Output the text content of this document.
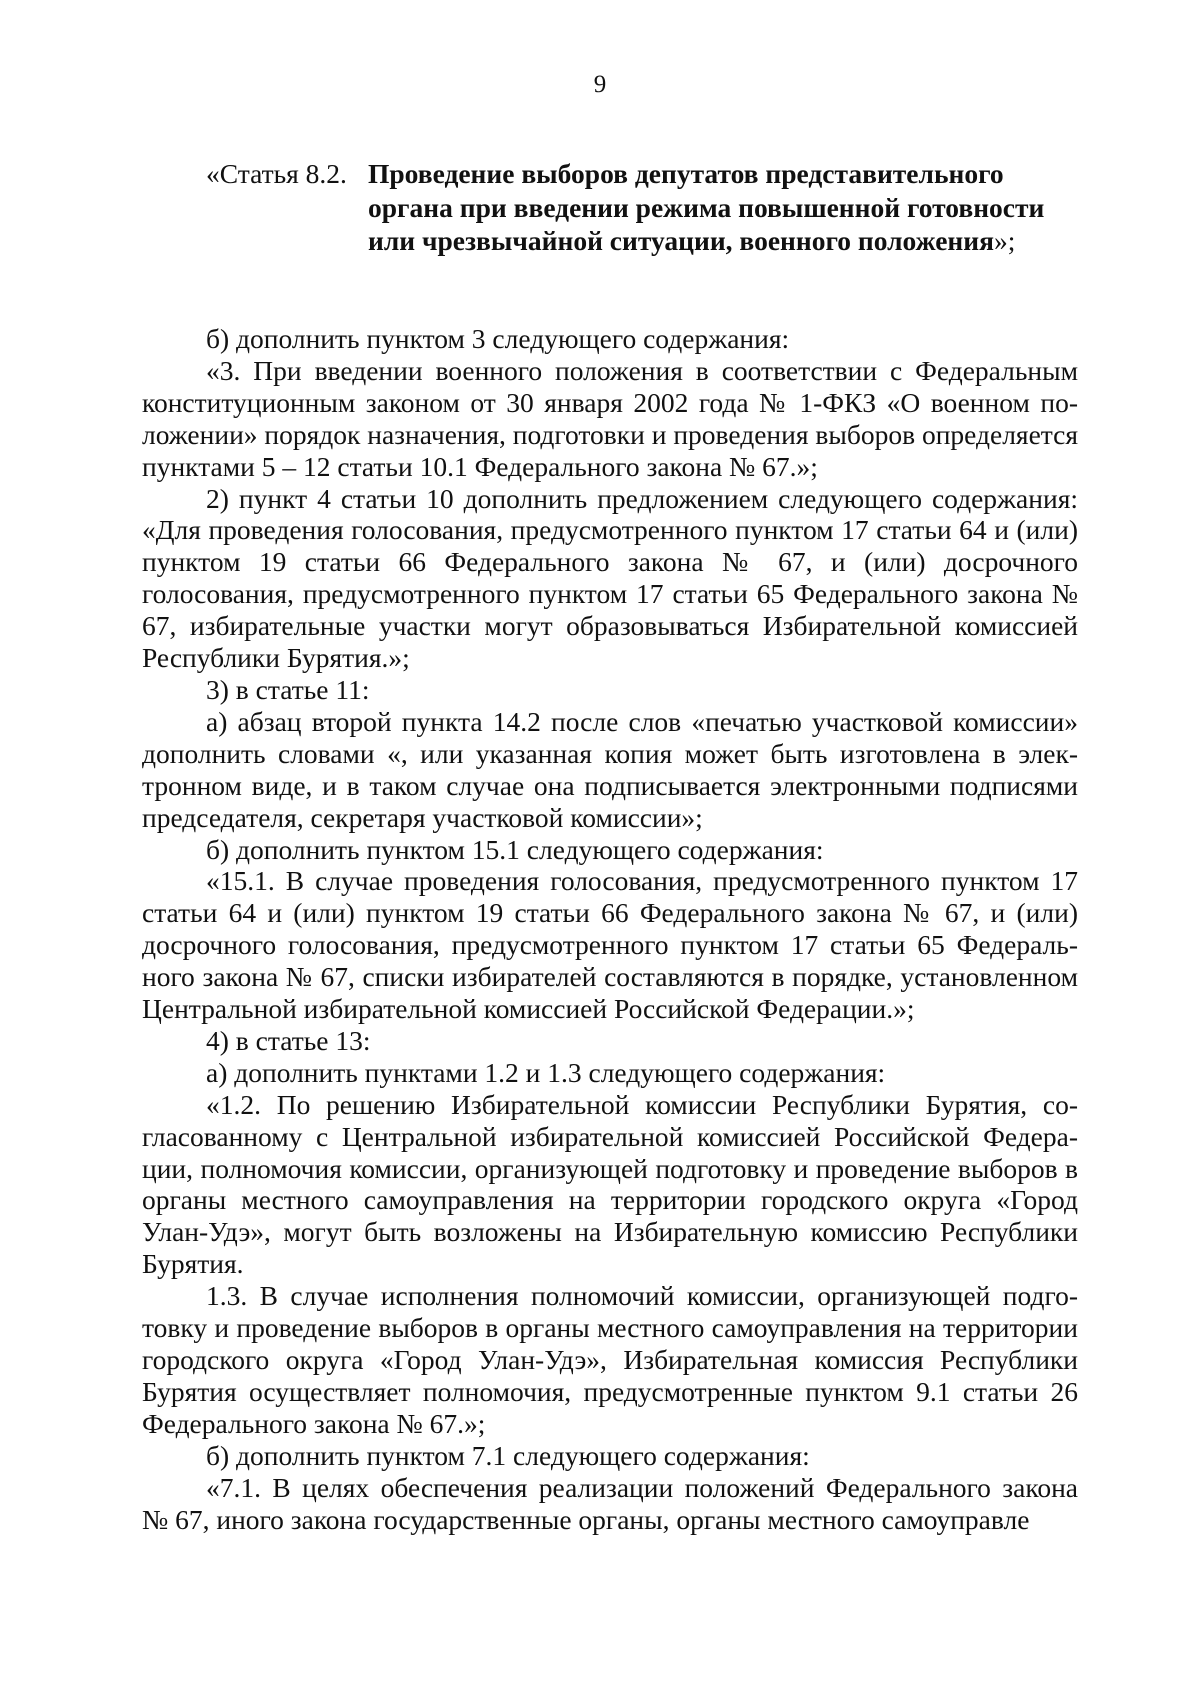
9
«Статья 8.2. Проведение выборов депутатов представительного органа при введении режима повышенной готовности или чрезвычайной ситуации, военного положения»;

б) дополнить пунктом 3 следующего содержания:

«3. При введении военного положения в соответствии с Федеральным конституционным законом от 30 января 2002 года № 1-ФКЗ «О военном положении» порядок назначения, подготовки и проведения выборов определяется пунктами 5 – 12 статьи 10.1 Федерального закона № 67.»;

2) пункт 4 статьи 10 дополнить предложением следующего содержания: «Для проведения голосования, предусмотренного пунктом 17 статьи 64 и (или) пунктом 19 статьи 66 Федерального закона № 67, и (или) досрочного голосования, предусмотренного пунктом 17 статьи 65 Федерального закона № 67, избирательные участки могут образовываться Избирательной комиссией Республики Бурятия.»;

3) в статье 11:

а) абзац второй пункта 14.2 после слов «печатью участковой комиссии» дополнить словами «, или указанная копия может быть изготовлена в электронном виде, и в таком случае она подписывается электронными подписями председателя, секретаря участковой комиссии»;

б) дополнить пунктом 15.1 следующего содержания:

«15.1. В случае проведения голосования, предусмотренного пунктом 17 статьи 64 и (или) пунктом 19 статьи 66 Федерального закона № 67, и (или) досрочного голосования, предусмотренного пунктом 17 статьи 65 Федерального закона № 67, списки избирателей составляются в порядке, установленном Центральной избирательной комиссией Российской Федерации.»;

4) в статье 13:

а) дополнить пунктами 1.2 и 1.3 следующего содержания:

«1.2. По решению Избирательной комиссии Республики Бурятия, согласованному с Центральной избирательной комиссией Российской Федерации, полномочия комиссии, организующей подготовку и проведение выборов в органы местного самоуправления на территории городского округа «Город Улан-Удэ», могут быть возложены на Избирательную комиссию Республики Бурятия.

1.3. В случае исполнения полномочий комиссии, организующей подготовку и проведение выборов в органы местного самоуправления на территории городского округа «Город Улан-Удэ», Избирательная комиссия Республики Бурятия осуществляет полномочия, предусмотренные пунктом 9.1 статьи 26 Федерального закона № 67.»;

б) дополнить пунктом 7.1 следующего содержания:

«7.1. В целях обеспечения реализации положений Федерального закона № 67, иного закона государственные органы, органы местного самоуправле
